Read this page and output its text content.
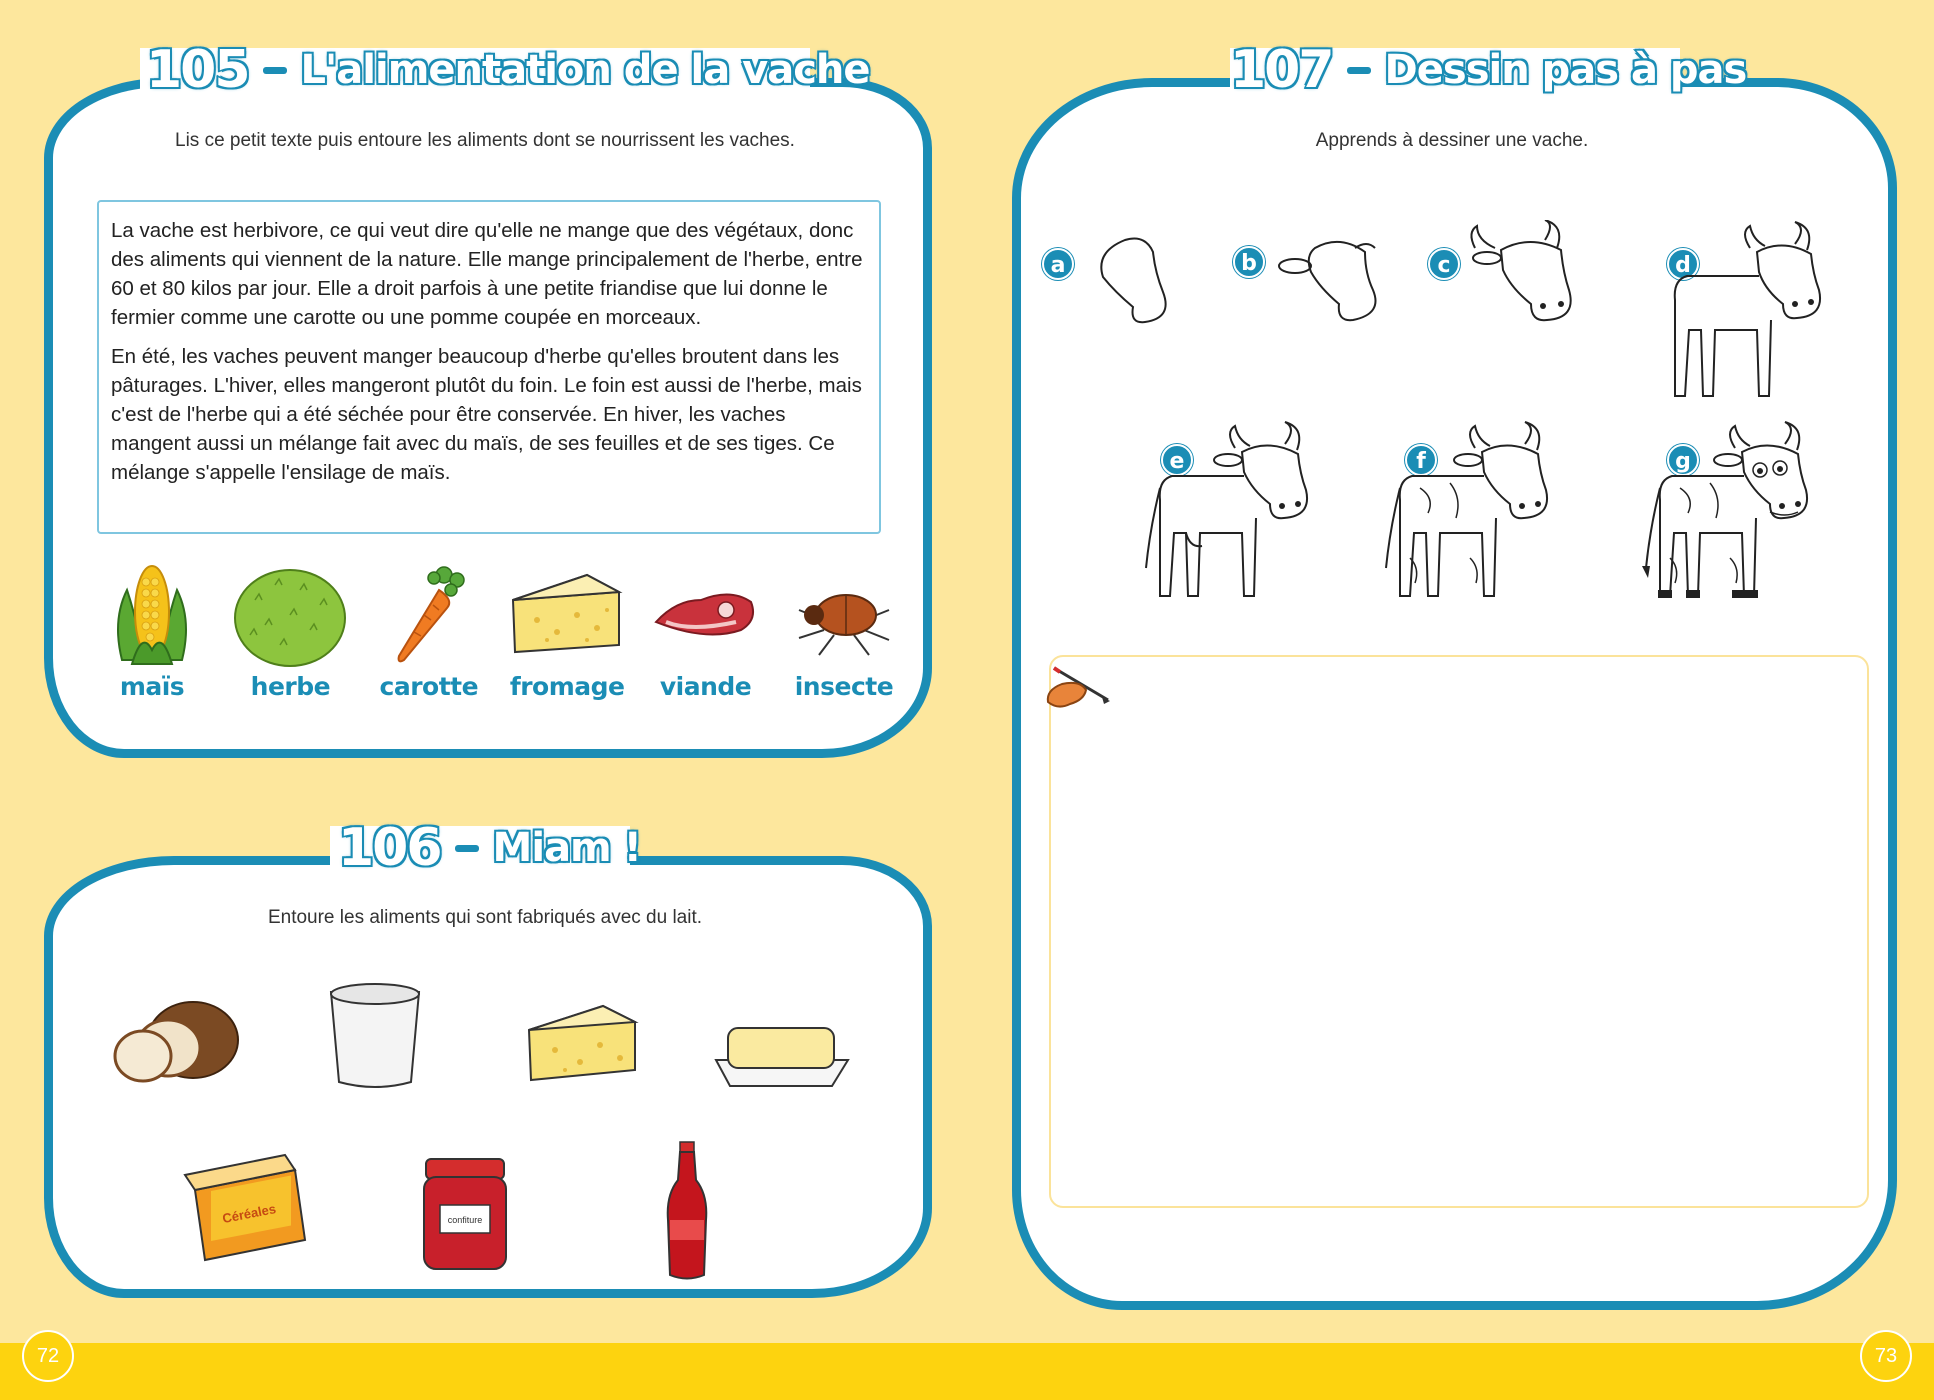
105 L'alimentation de la vache
Lis ce petit texte puis entoure les aliments dont se nourrissent les vaches.

La vache est herbivore, ce qui veut dire qu'elle ne mange que des végétaux, donc des aliments qui viennent de la nature. Elle mange principalement de l'herbe, entre 60 et 80 kilos par jour. Elle a droit parfois à une petite friandise que lui donne le fermier comme une carotte ou une pomme coupée en morceaux.

En été, les vaches peuvent manger beaucoup d'herbe qu'elles broutent dans les pâturages. L'hiver, elles mangeront plutôt du foin. Le foin est aussi de l'herbe, mais c'est de l'herbe qui a été séchée pour être conservée. En hiver, les vaches mangent aussi un mélange fait avec du maïs, de ses feuilles et de ses tiges. Ce mélange s'appelle l'ensilage de maïs.

maïs	herbe carotte fromage viande insecte
106 Miam !
Entoure les aliments qui sont fabriqués avec du lait.
Céréales	confiture
107 Dessin pas à pas
Apprends à dessiner une vache.
a	b	c	d
e	f	g
72	73
